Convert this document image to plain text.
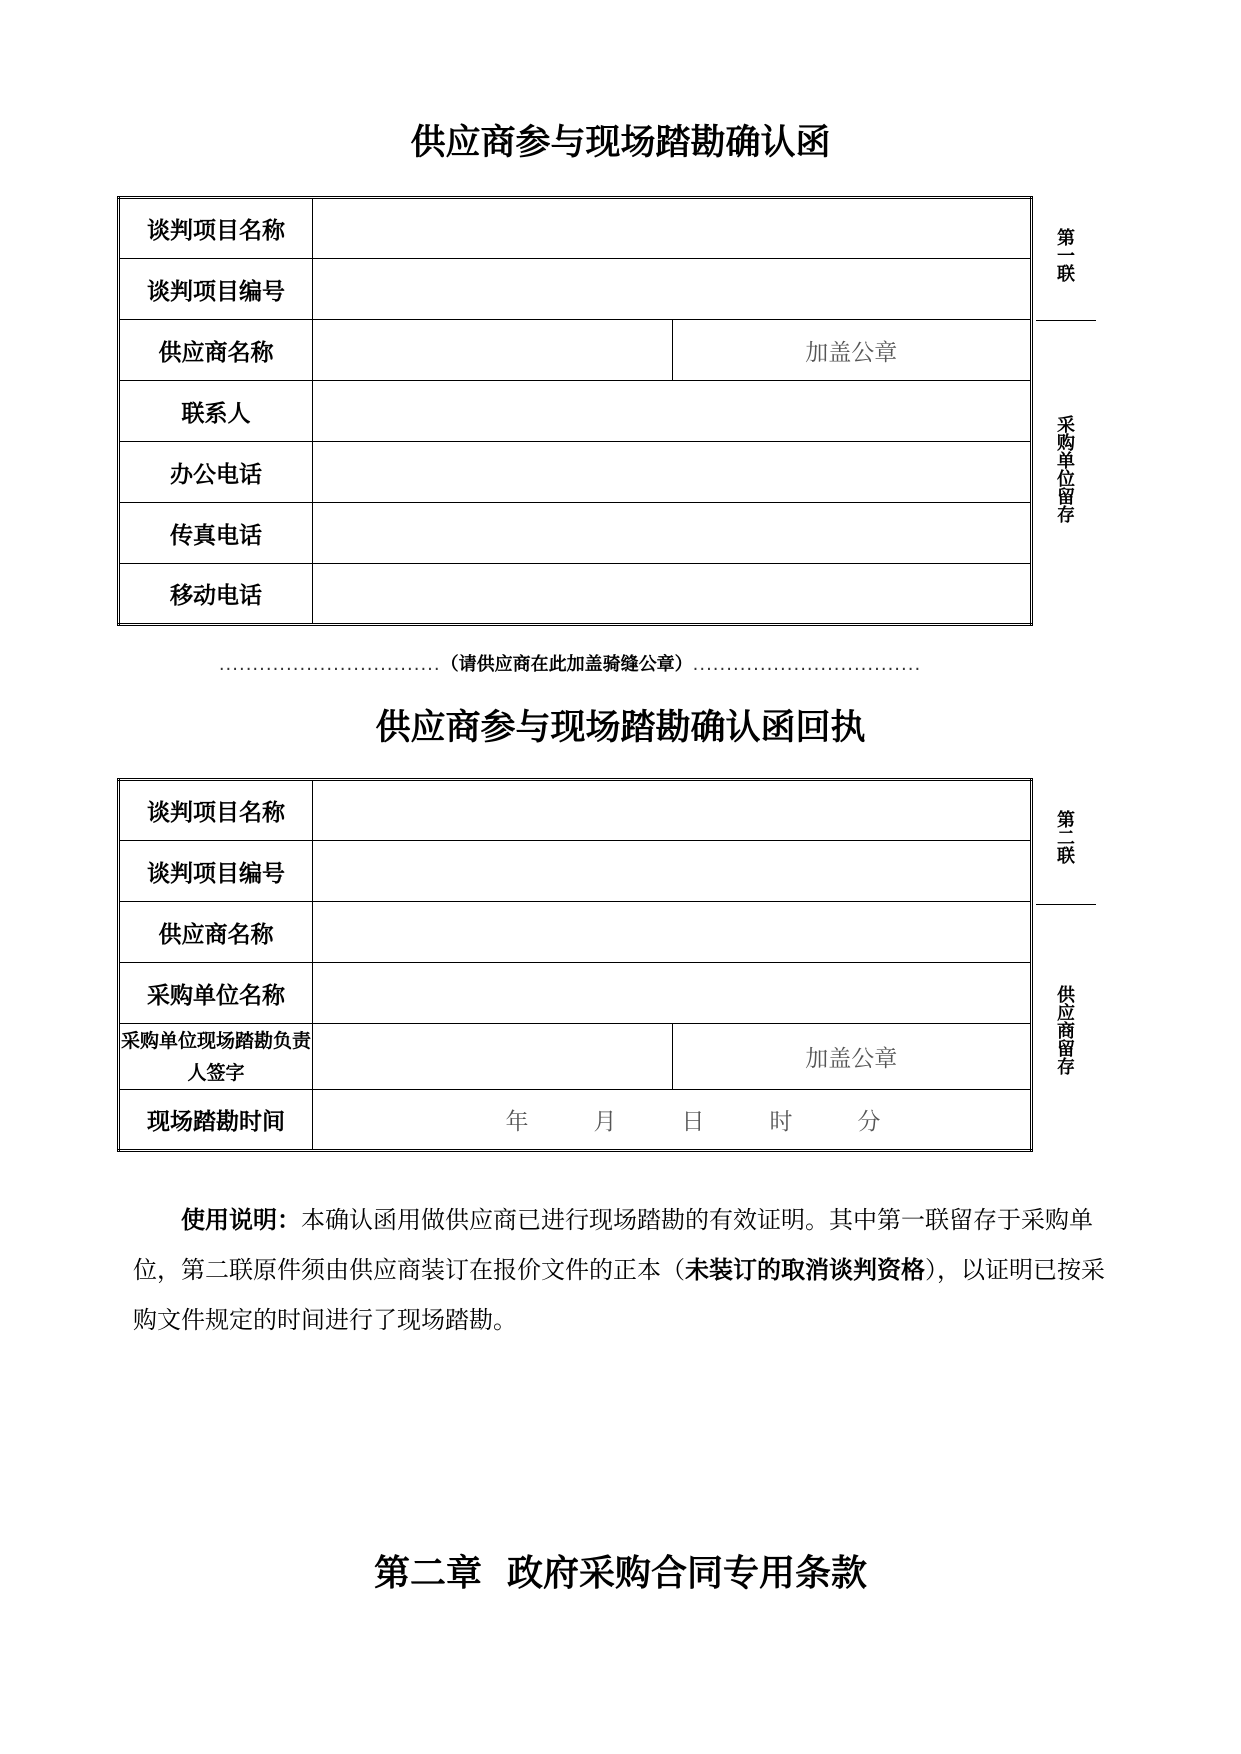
供应商参与现场踏勘确认函
谈判项目名称		
谈判项目编号		
供应商名称		加盖公章
联系人		
办公电话		
传真电话		
移动电话		
第一联
采购单位留存
.................................（请供应商在此加盖骑缝公章）..................................
供应商参与现场踏勘确认函回执
谈判项目名称		
谈判项目编号		
供应商名称		
采购单位名称		
采购单位现场踏勘负责人签字		加盖公章
现场踏勘时间	年 月 日 时 分	
第二联
供应商留存
使用说明：本确认函用做供应商已进行现场踏勘的有效证明。其中第一联留存于采购单位，第二联原件须由供应商装订在报价文件的正本（未装订的取消谈判资格），以证明已按采购文件规定的时间进行了现场踏勘。
第二章  政府采购合同专用条款
